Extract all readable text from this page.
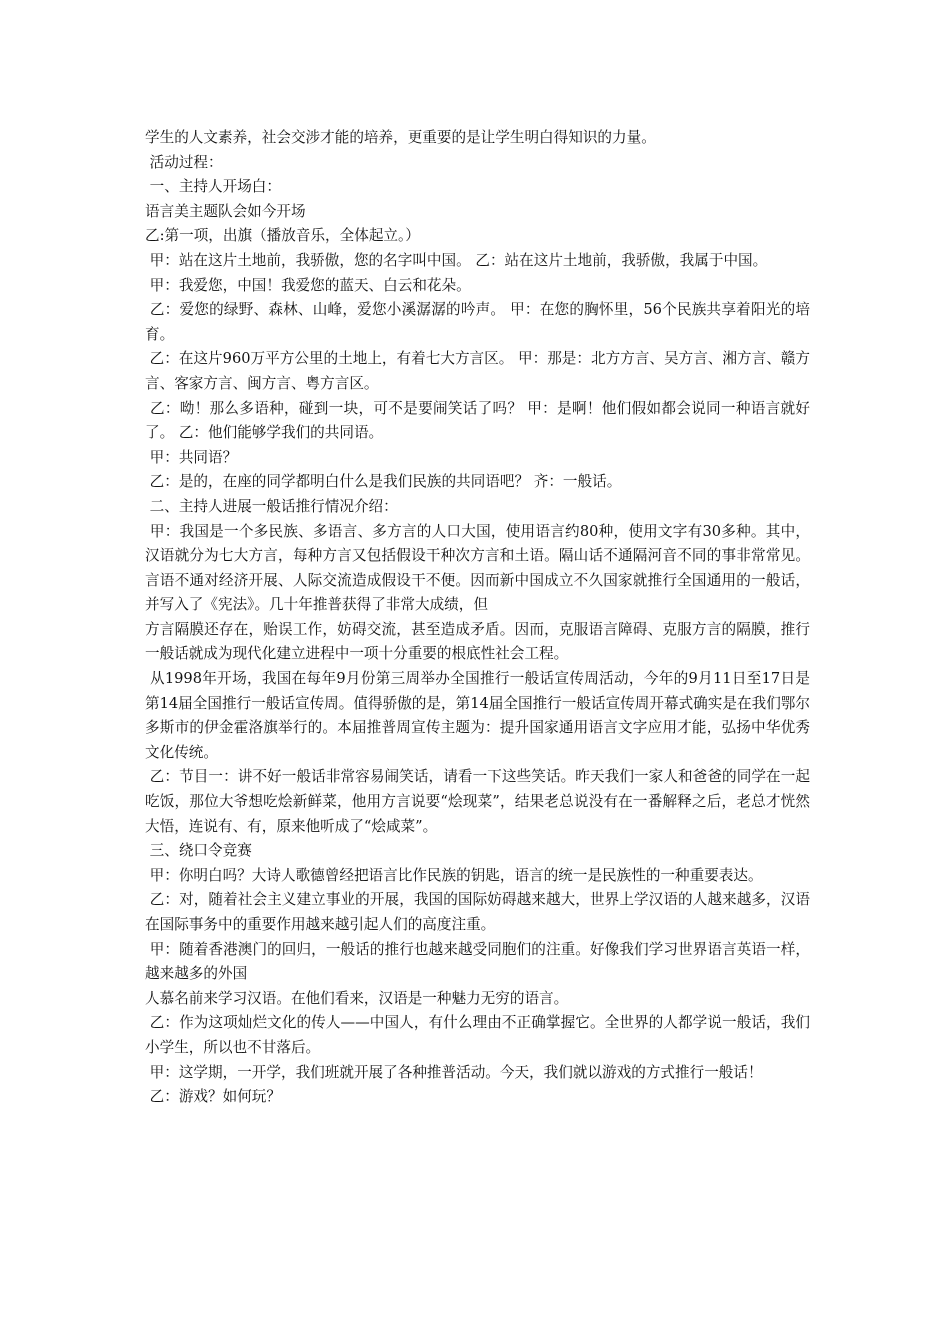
学生的人文素养，社会交涉才能的培养，更重要的是让学生明白得知识的力量。

活动过程：

一、主持人开场白：

语言美主题队会如今开场

乙:第一项，出旗（播放音乐，全体起立。）

甲：站在这片土地前，我骄傲，您的名字叫中国。 乙：站在这片土地前，我骄傲，我属于中国。

甲：我爱您，中国！我爱您的蓝天、白云和花朵。

乙：爱您的绿野、森林、山峰，爱您小溪潺潺的吟声。 甲：在您的胸怀里，56个民族共享着阳光的培育。

乙：在这片960万平方公里的土地上，有着七大方言区。 甲：那是：北方方言、吴方言、湘方言、赣方言、客家方言、闽方言、粤方言区。

乙：呦！那么多语种，碰到一块，可不是要闹笑话了吗？ 甲：是啊！他们假如都会说同一种语言就好了。 乙：他们能够学我们的共同语。

甲：共同语？

乙：是的，在座的同学都明白什么是我们民族的共同语吧？ 齐：一般话。

二、主持人进展一般话推行情况介绍：

甲：我国是一个多民族、多语言、多方言的人口大国，使用语言约80种，使用文字有30多种。其中，汉语就分为七大方言，每种方言又包括假设干种次方言和土语。隔山话不通隔河音不同的事非常常见。言语不通对经济开展、人际交流造成假设干不便。因而新中国成立不久国家就推行全国通用的一般话，并写入了《宪法》。几十年推普获得了非常大成绩，但

方言隔膜还存在，贻误工作，妨碍交流，甚至造成矛盾。因而，克服语言障碍、克服方言的隔膜，推行一般话就成为现代化建立进程中一项十分重要的根底性社会工程。

从1998年开场，我国在每年9月份第三周举办全国推行一般话宣传周活动，今年的9月11日至17日是第14届全国推行一般话宣传周。值得骄傲的是，第14届全国推行一般话宣传周开幕式确实是在我们鄂尔多斯市的伊金霍洛旗举行的。本届推普周宣传主题为：提升国家通用语言文字应用才能，弘扬中华优秀文化传统。

乙：节目一：讲不好一般话非常容易闹笑话，请看一下这些笑话。昨天我们一家人和爸爸的同学在一起吃饭，那位大爷想吃烩新鲜菜，他用方言说要“烩现菜”，结果老总说没有在一番解释之后，老总才恍然大悟，连说有、有，原来他听成了“烩咸菜”。

三、绕口令竞赛

甲：你明白吗？大诗人歌德曾经把语言比作民族的钥匙，语言的统一是民族性的一种重要表达。

乙：对，随着社会主义建立事业的开展，我国的国际妨碍越来越大，世界上学汉语的人越来越多，汉语在国际事务中的重要作用越来越引起人们的高度注重。

甲：随着香港澳门的回归，一般话的推行也越来越受同胞们的注重。好像我们学习世界语言英语一样，越来越多的外国

人慕名前来学习汉语。在他们看来，汉语是一种魅力无穷的语言。

乙：作为这项灿烂文化的传人——中国人，有什么理由不正确掌握它。全世界的人都学说一般话，我们小学生，所以也不甘落后。

甲：这学期，一开学，我们班就开展了各种推普活动。今天，我们就以游戏的方式推行一般话！

乙：游戏？如何玩？
